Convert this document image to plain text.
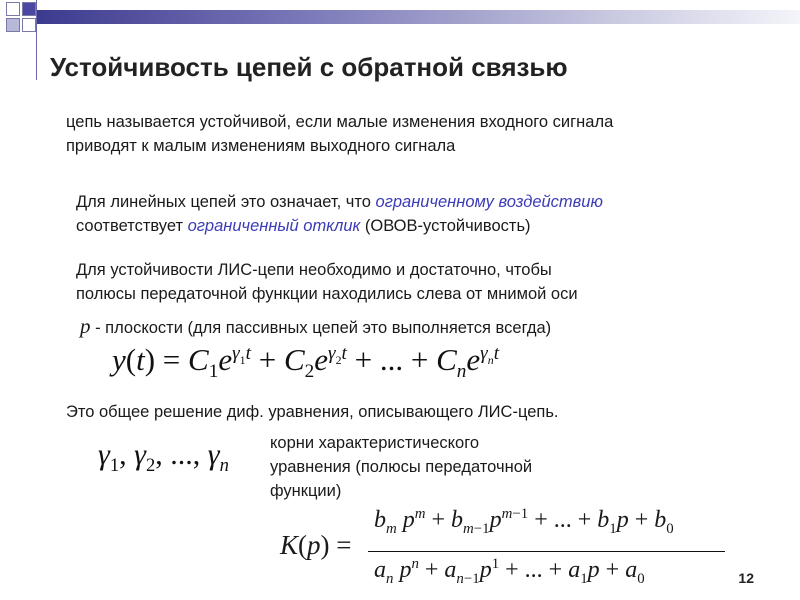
Устойчивость цепей с обратной связью
цепь называется устойчивой, если малые изменения входного сигнала
приводят к малым изменениям выходного сигнала
Для линейных цепей это означает, что ограниченному воздействию
соответствует ограниченный отклик (ОВОВ-устойчивость)
Для устойчивости ЛИС-цепи необходимо и достаточно, чтобы
полюсы передаточной функции находились слева от мнимой оси
p - плоскости (для пассивных цепей это выполняется всегда)
$y(t) = C_1e^{\gamma_1t} + C_2e^{\gamma_2t}$ + ... + $C_ne^{\gamma_nt}$
Это общее решение диф. уравнения, описывающего ЛИС-цепь.
$\gamma_1$, $\gamma_2$, ..., $\gamma_n$
корни характеристического
уравнения (полюсы передаточной
функции)
K(p) =
$b_m$ $p^m + b_{m-1}p^{m-1}$ + ... + $b_1p + b_0$
$a_n$ $p^n + a_{n-1}p^1$ + ... + $a_1p + a_0$	12
